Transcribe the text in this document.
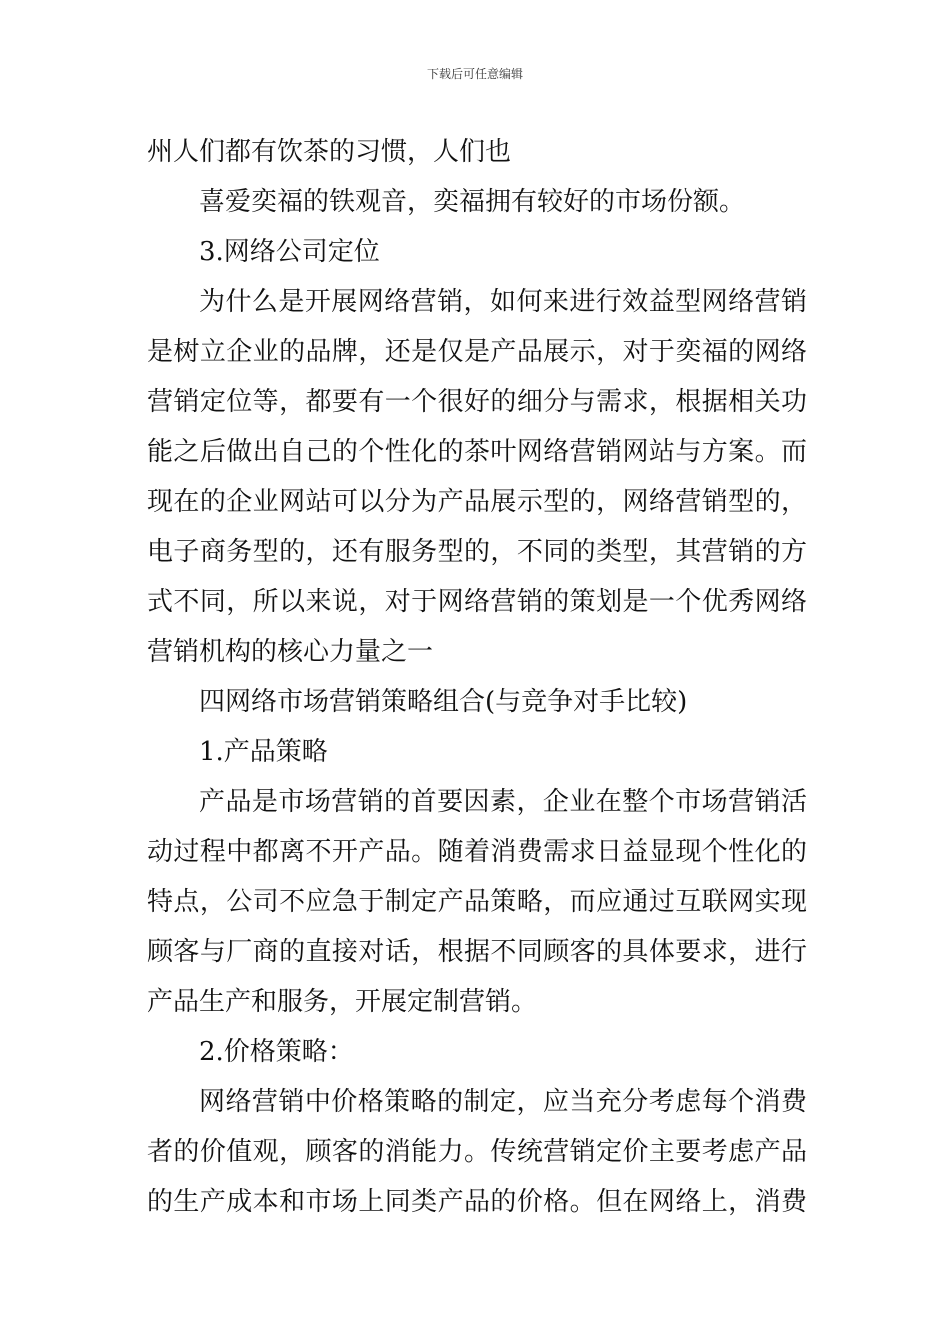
下载后可任意编辑
州人们都有饮茶的习惯，人们也
喜爱奕福的铁观音，奕福拥有较好的市场份额。
3.网络公司定位
为什么是开展网络营销，如何来进行效益型网络营销
是树立企业的品牌，还是仅是产品展示，对于奕福的网络
营销定位等，都要有一个很好的细分与需求，根据相关功
能之后做出自己的个性化的茶叶网络营销网站与方案。而
现在的企业网站可以分为产品展示型的，网络营销型的，
电子商务型的，还有服务型的，不同的类型，其营销的方
式不同，所以来说，对于网络营销的策划是一个优秀网络
营销机构的核心力量之一
四网络市场营销策略组合(与竞争对手比较)
1.产品策略
产品是市场营销的首要因素，企业在整个市场营销活
动过程中都离不开产品。随着消费需求日益显现个性化的
特点，公司不应急于制定产品策略，而应通过互联网实现
顾客与厂商的直接对话，根据不同顾客的具体要求，进行
产品生产和服务，开展定制营销。
2.价格策略：
网络营销中价格策略的制定，应当充分考虑每个消费
者的价值观，顾客的消能力。传统营销定价主要考虑产品
的生产成本和市场上同类产品的价格。但在网络上，消费
